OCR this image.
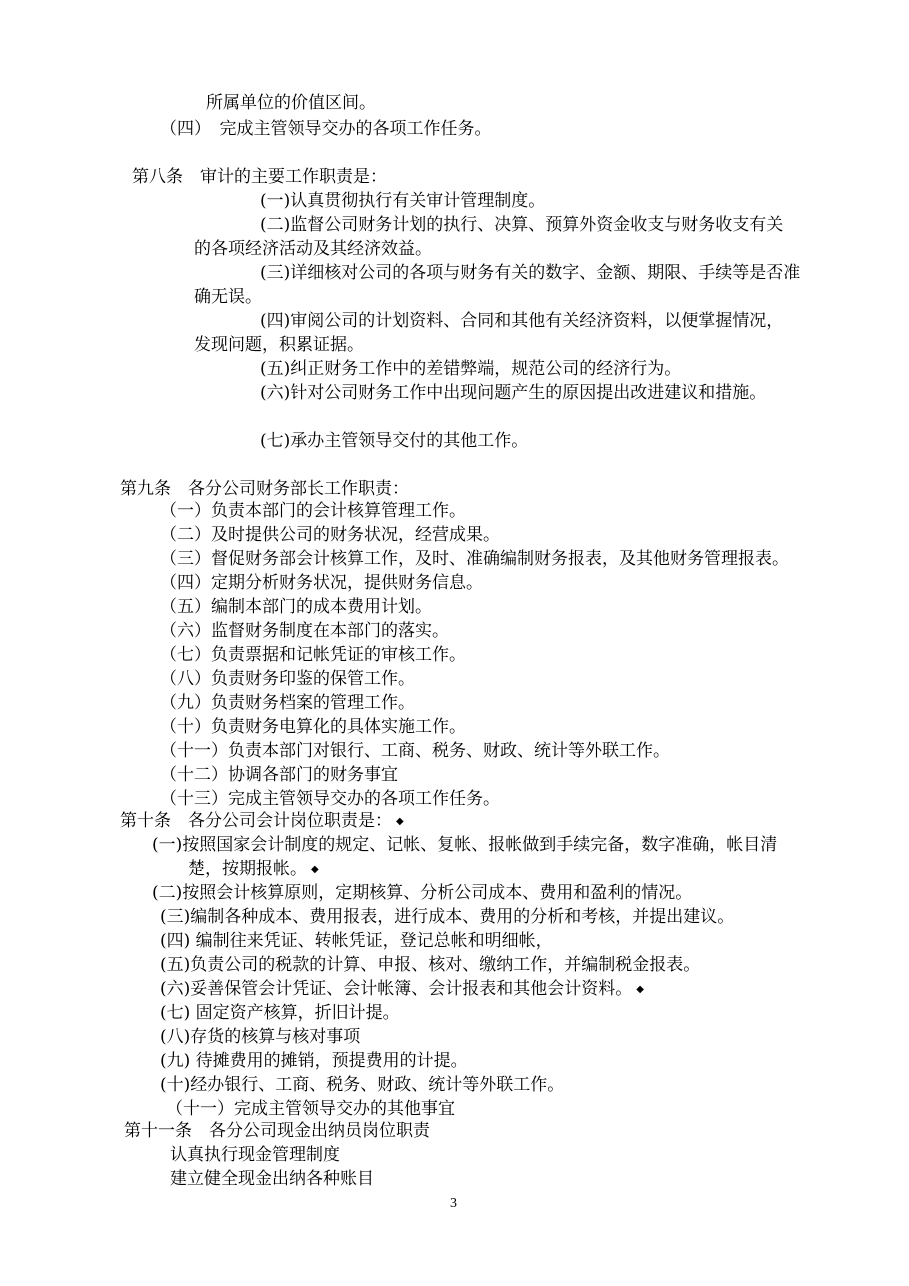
所属单位的价值区间。
（四）　完成主管领导交办的各项工作任务。
第八条　审计的主要工作职责是：
(一)认真贯彻执行有关审计管理制度。
(二)监督公司财务计划的执行、决算、预算外资金收支与财务收支有关
的各项经济活动及其经济效益。
(三)详细核对公司的各项与财务有关的数字、金额、期限、手续等是否准
确无误。
(四)审阅公司的计划资料、合同和其他有关经济资料，以便掌握情况，
发现问题，积累证据。
(五)纠正财务工作中的差错弊端，规范公司的经济行为。
(六)针对公司财务工作中出现问题产生的原因提出改进建议和措施。
(七)承办主管领导交付的其他工作。
第九条　各分公司财务部长工作职责：
（一）负责本部门的会计核算管理工作。
（二）及时提供公司的财务状况，经营成果。
（三）督促财务部会计核算工作，及时、准确编制财务报表，及其他财务管理报表。
（四）定期分析财务状况，提供财务信息。
（五）编制本部门的成本费用计划。
（六）监督财务制度在本部门的落实。
（七）负责票据和记帐凭证的审核工作。
（八）负责财务印鉴的保管工作。
（九）负责财务档案的管理工作。
（十）负责财务电算化的具体实施工作。
（十一）负责本部门对银行、工商、税务、财政、统计等外联工作。
（十二）协调各部门的财务事宜
（十三）完成主管领导交办的各项工作任务。
第十条　各分公司会计岗位职责是： ◆
(一)按照国家会计制度的规定、记帐、复帐、报帐做到手续完备，数字准确，帐目清
楚，按期报帐。 ◆
(二)按照会计核算原则，定期核算、分析公司成本、费用和盈利的情况。
(三)编制各种成本、费用报表，进行成本、费用的分析和考核，并提出建议。
(四) 编制往来凭证、转帐凭证，登记总帐和明细帐，
(五)负责公司的税款的计算、申报、核对、缴纳工作，并编制税金报表。
(六)妥善保管会计凭证、会计帐簿、会计报表和其他会计资料。 ◆
(七) 固定资产核算，折旧计提。
(八)存货的核算与核对事项
(九) 待摊费用的摊销，预提费用的计提。
(十)经办银行、工商、税务、财政、统计等外联工作。
（十一）完成主管领导交办的其他事宜
第十一条　各分公司现金出纳员岗位职责
认真执行现金管理制度
建立健全现金出纳各种账目
3
